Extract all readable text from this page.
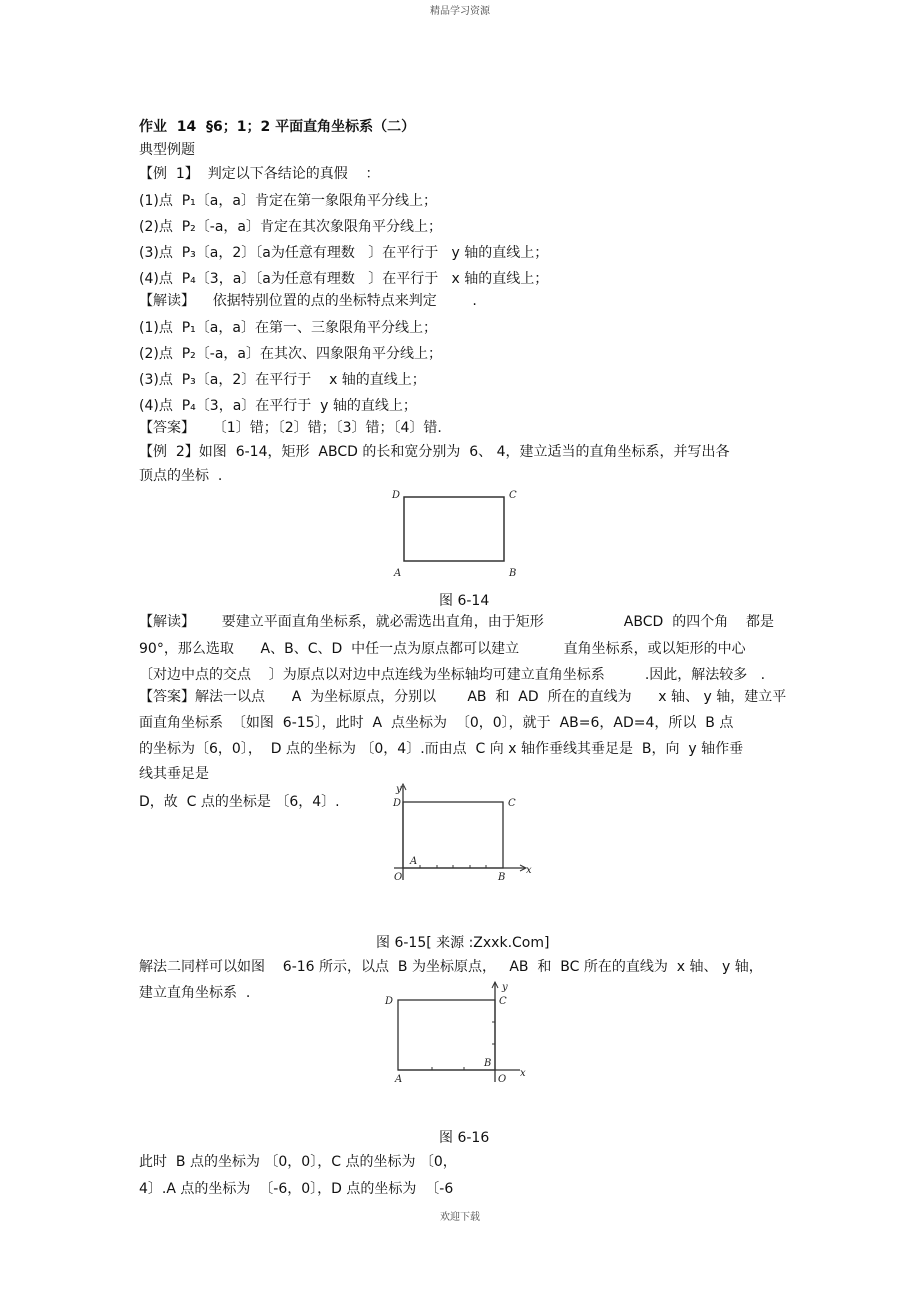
精品学习资源
作业  14  §6；1；2 平面直角坐标系（二）
典型例题
【例  1】  判定以下各结论的真假    ：
(1)点  P₁〔a，a〕肯定在第一象限角平分线上；
(2)点  P₂〔-a，a〕肯定在其次象限角平分线上；
(3)点  P₃〔a，2〕〔a为任意有理数   〕在平行于   y 轴的直线上；
(4)点  P₄〔3，a〕〔a为任意有理数   〕在平行于   x 轴的直线上；
【解读】    依据特别位置的点的坐标特点来判定        .
(1)点  P₁〔a，a〕在第一、三象限角平分线上；
(2)点  P₂〔-a，a〕在其次、四象限角平分线上；
(3)点  P₃〔a，2〕在平行于    x 轴的直线上；
(4)点  P₄〔3，a〕在平行于  y 轴的直线上；
【答案】    〔1〕错；〔2〕错；〔3〕错；〔4〕错.
【例  2】如图  6-14，矩形  ABCD 的长和宽分别为  6、 4，建立适当的直角坐标系，并写出各
顶点的坐标  .
D	C
A	B
图 6-14
【解读】      要建立平面直角坐标系，就必需选出直角，由于矩形                  ABCD  的四个角    都是
90°，那么选取      A、B、C、D  中任一点为原点都可以建立          直角坐标系，或以矩形的中心
〔对边中点的交点    〕为原点以对边中点连线为坐标轴均可建立直角坐标系         .因此，解法较多   .
【答案】解法一以点      A  为坐标原点，分别以       AB  和  AD  所在的直线为      x 轴、 y 轴，建立平
面直角坐标系  〔如图  6-15〕，此时  A  点坐标为  〔0，0〕，就于  AB=6，AD=4，所以  B 点
的坐标为〔6，0〕，  D 点的坐标为 〔0，4〕.而由点  C 向 x 轴作垂线其垂足是  B，向  y 轴作垂
线其垂足是
D，故  C 点的坐标是 〔6，4〕.
y
D	C
A
O	B
x
图 6-15[ 来源 :Zxxk.Com]
解法二同样可以如图    6-16 所示，以点  B 为坐标原点，   AB  和  BC 所在的直线为  x 轴、 y 轴，
建立直角坐标系  .	y
D	C
B
A	O
x
图 6-16
此时  B 点的坐标为 〔0，0〕，C 点的坐标为 〔0，
4〕.A 点的坐标为  〔-6，0〕，D 点的坐标为  〔-6
欢迎下载
